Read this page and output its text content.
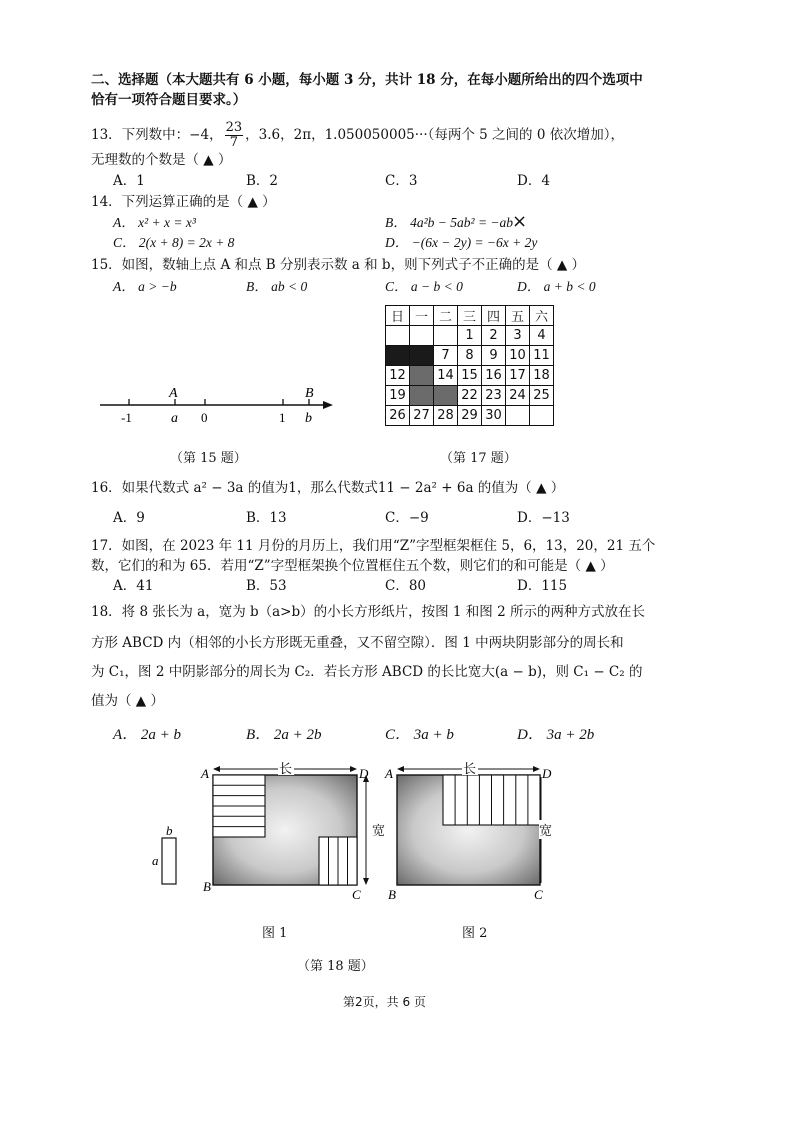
二、选择题（本大题共有 6 小题，每小题 3 分，共计 18 分，在每小题所给出的四个选项中
恰有一项符合题目要求。）
13．下列数中：−4， $\frac{23}{7}$ ，3.6，2π，1.050050005···（每两个 5 之间的 0 依次增加），
无理数的个数是（ ▲ ）
A．1	B．2	C．3	D．4
14．下列运算正确的是（ ▲ ）
A． x² + x = x³	B． 4a²b − 5ab² = −ab
×
C． 2(x + 8) = 2x + 8	D． −(6x − 2y) = −6x + 2y
15．如图，数轴上点 A 和点 B 分别表示数 a 和 b，则下列式子不正确的是（ ▲ ）
A． a > −b	B． ab < 0	C． a − b < 0	D． a + b < 0
A	B
-1	a 0	1 b
（第 15 题）
日	一	二	三	四	五	六
			1	2	3	4
5	6	7	8	9	10	11
12	13	14	15	16	17	18
19	20	21	22	23	24	25
26	27	28	29	30		
（第 17 题）
16．如果代数式 a² − 3a 的值为1，那么代数式11 − 2a² + 6a 的值为（ ▲ ）
A．9	B．13	C．−9	D．−13
17．如图，在 2023 年 11 月份的月历上，我们用“Z”字型框架框住 5，6，13，20，21 五个
数，它们的和为 65．若用“Z”字型框架换个位置框住五个数，则它们的和可能是（ ▲ ）
A．41	B．53	C．80	D．115
18．将 8 张长为 a，宽为 b（a>b）的小长方形纸片，按图 1 和图 2 所示的两种方式放在长
方形 ABCD 内（相邻的小长方形既无重叠，又不留空隙）．图 1 中两块阴影部分的周长和
为 C₁，图 2 中阴影部分的周长为 C₂．若长方形 ABCD 的长比宽大(a − b)，则 C₁ − C₂ 的
值为（ ▲ ）
A． 2a + b	B． 2a + 2b	C． 3a + b	D． 3a + 2b
b
a
长
A	D
B
C
长
A	D
B	C
宽	宽
图 1	图 2
（第 18 题）
第2页，共 6 页
